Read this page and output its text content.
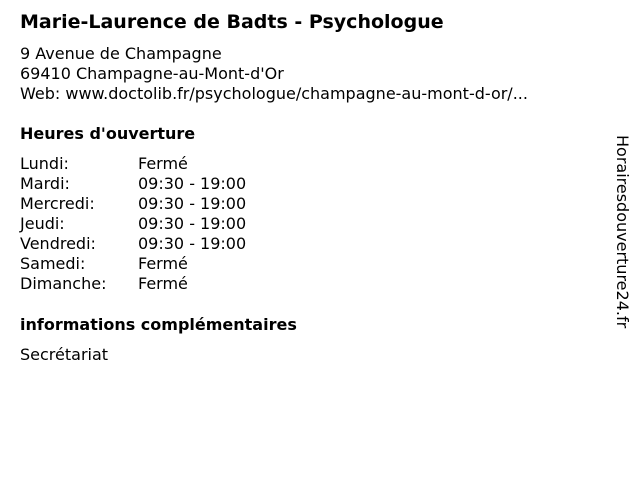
Marie-Laurence de Badts - Psychologue
9 Avenue de Champagne
69410 Champagne-au-Mont-d'Or
Web: www.doctolib.fr/psychologue/champagne-au-mont-d-or/...
Heures d'ouverture
Lundi:	Fermé
Mardi:	09:30 - 19:00
Mercredi:	09:30 - 19:00
Jeudi:	09:30 - 19:00
Vendredi:	09:30 - 19:00
Samedi:	Fermé
Dimanche: Fermé
informations complémentaires
Secrétariat
Horairesdouverture24.fr
